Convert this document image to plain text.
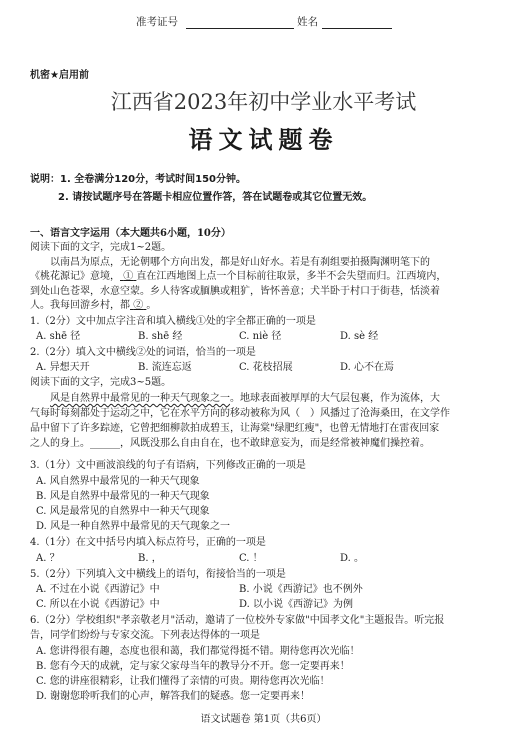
准考证号	姓名
机密★启用前
江西省2023年初中学业水平考试
语文试题卷
说明：1. 全卷满分120分，考试时间150分钟。
2. 请按试题序号在答题卡相应位置作答，答在试题卷或其它位置无效。
一、语言文字运用（本大题共6小题，10分）
阅读下面的文字，完成1~2题。
以南昌为原点，无论朝哪个方向出发，都是好山好水。若是有刹组要拍摄陶渊明笔下的
《桃花源记》意境， ① 直在江西地图上点一个目标前往取景，多半不会失望而归。江西境内，
到处山色苍翠，水意空蒙。乡人待客或腼腆或粗犷，皆怀善意；犬半卧于村口于街巷，恬淡着
人。我每回游乡村，都 ② 。
1.（2分）文中加点字注音和填入横线①处的字全都正确的一项是
A. shē 径	B. shē 经	C. niè 径	D. sè 经
2.（2分）填入文中横线②处的词语，恰当的一项是
A. 异想天开	B. 流连忘返	C. 花枝招展	D. 心不在焉
阅读下面的文字，完成3~5题。
风是自然界中最常见的一种天气现象之一。地球表面被厚厚的大气层包裹，作为流体，大
气每时每刻都处于运动之中，它在水平方向的移动被称为风（　）风播过了沧海桑田，在文学作
品中留下了许多踪迹，它曾把细柳款拍成碧玉，让海棠"绿肥红瘦"，也曾无情地打在雷夜回家
之人的身上。______，风既没那么自由自在，也不敢肆意妄为，而是经常被神魔们操控着。
3.（1分）文中画波浪线的句子有语病，下列修改正确的一项是
A. 风自然界中最常见的一种天气现象
B. 风是自然界中最常见的一种天气现象
C. 风是最常见的自然界中一种天气现象
D. 风是一种自然界中最常见的天气现象之一
4.（1分）在文中括号内填入标点符号，正确的一项是
A. ？	B. ，	C. ！	D. 。
5.（2分）下列填入文中横线上的语句，衔接恰当的一项是
A. 不过在小说《西游记》中	B. 小说《西游记》也不例外
C. 所以在小说《西游记》中	D. 以小说《西游记》为例
6.（2分）学校组织"孝亲敬老月"活动，邀请了一位校外专家做"中国孝文化"主题报告。听完报
告，同学们纷纷与专家交流。下列表达得体的一项是
A. 您讲得很有趣，态度也很和蔼，我们都觉得挺不错。期待您再次光临！
B. 您有今天的成就，定与家父家母当年的教导分不开。您一定要再来！
C. 您的讲座很精彩，让我们懂得了亲情的可贵。期待您再次光临！
D. 谢谢您聆听我们的心声，解答我们的疑惑。您一定要再来！
语文试题卷 第1页（共6页）
